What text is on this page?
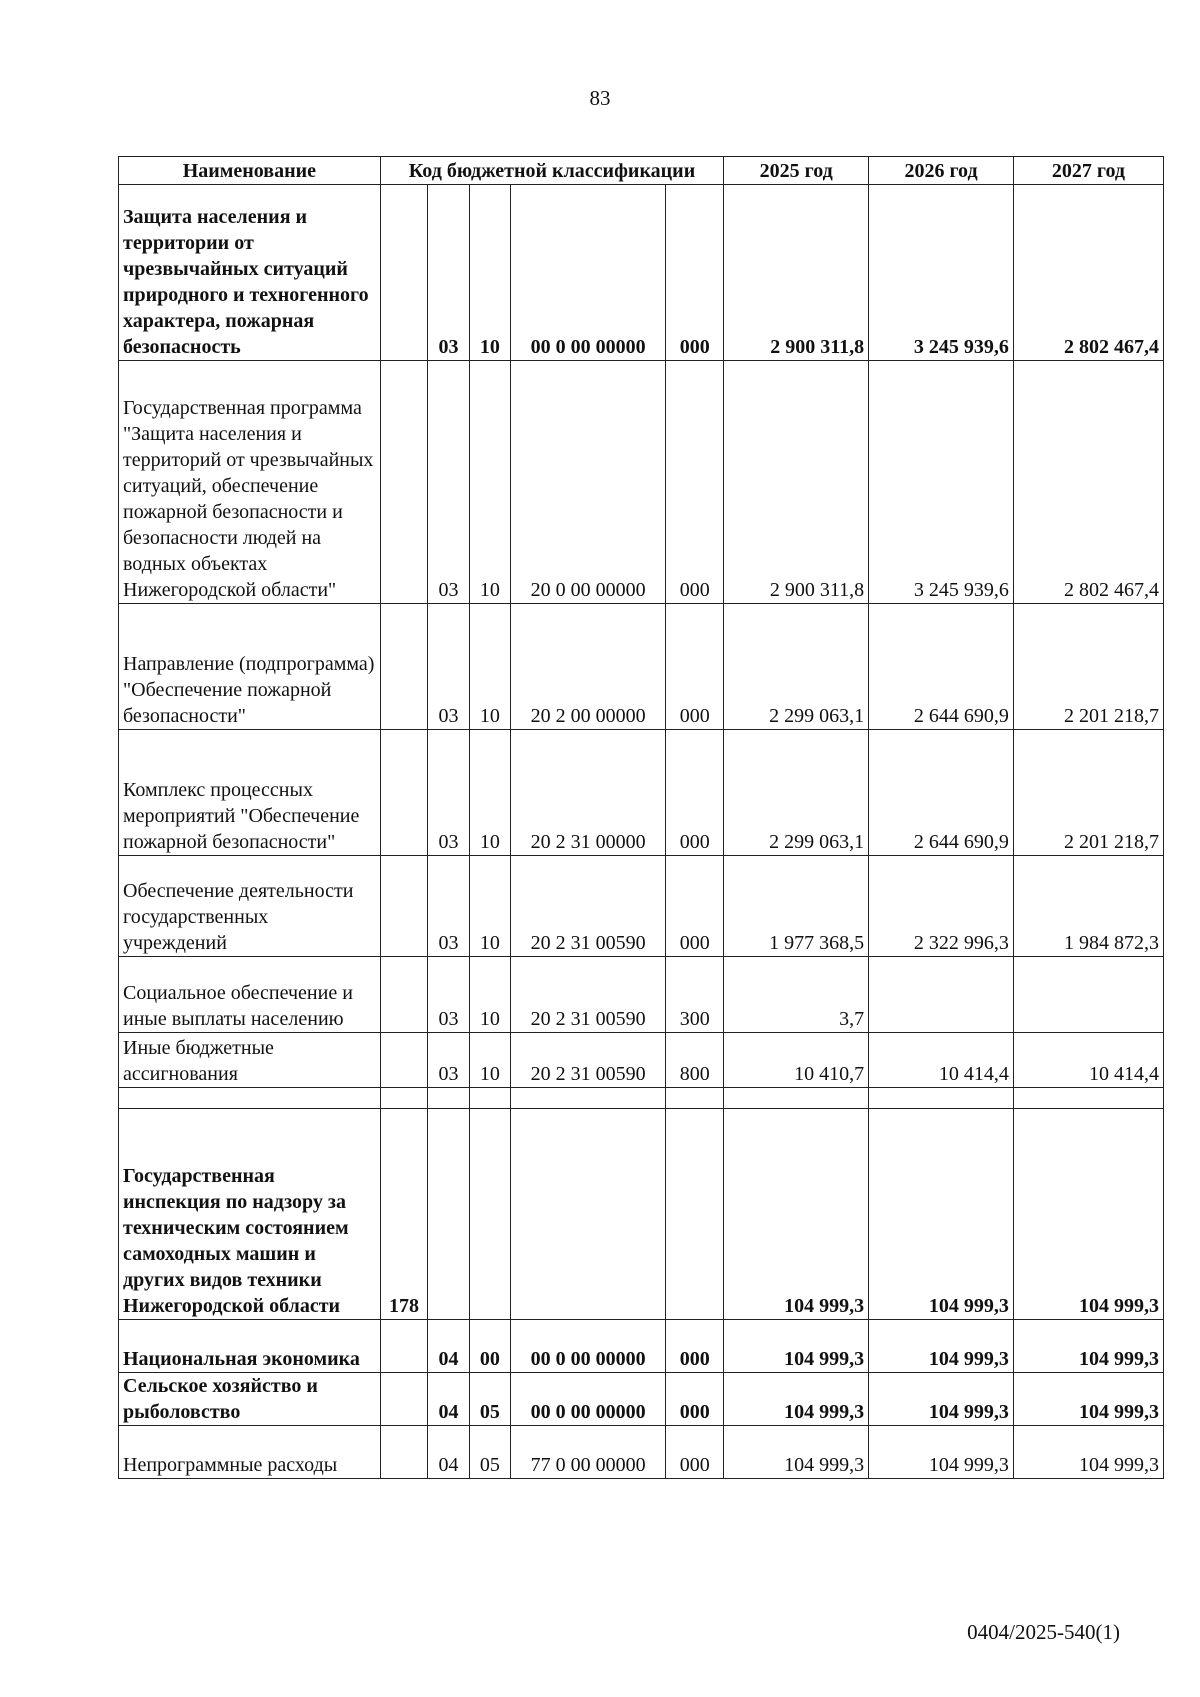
83
Наименование	Код бюджетной классификации					2025 год	2026 год	2027 год
Защита населения и территории от чрезвычайных ситуаций природного и техногенного характера, пожарная безопасность		03	10	00 0 00 00000	000	2 900 311,8	3 245 939,6	2 802 467,4
Государственная программа "Защита населения и территорий от чрезвычайных ситуаций, обеспечение пожарной безопасности и безопасности людей на водных объектах Нижегородской области"		03	10	20 0 00 00000	000	2 900 311,8	3 245 939,6	2 802 467,4
Направление (подпрограмма) "Обеспечение пожарной безопасности"		03	10	20 2 00 00000	000	2 299 063,1	2 644 690,9	2 201 218,7
Комплекс процессных мероприятий "Обеспечение пожарной безопасности"		03	10	20 2 31 00000	000	2 299 063,1	2 644 690,9	2 201 218,7
Обеспечение деятельности государственных учреждений		03	10	20 2 31 00590	000	1 977 368,5	2 322 996,3	1 984 872,3
Социальное обеспечение и иные выплаты населению		03	10	20 2 31 00590	300	3,7		
Иные бюджетные ассигнования		03	10	20 2 31 00590	800	10 410,7	10 414,4	10 414,4

Государственная инспекция по надзору за техническим состоянием самоходных машин и других видов техники Нижегородской области	178					104 999,3	104 999,3	104 999,3
Национальная экономика		04	00	00 0 00 00000	000	104 999,3	104 999,3	104 999,3
Сельское хозяйство и рыболовство		04	05	00 0 00 00000	000	104 999,3	104 999,3	104 999,3
Непрограммные расходы		04	05	77 0 00 00000	000	104 999,3	104 999,3	104 999,3
0404/2025-540(1)
